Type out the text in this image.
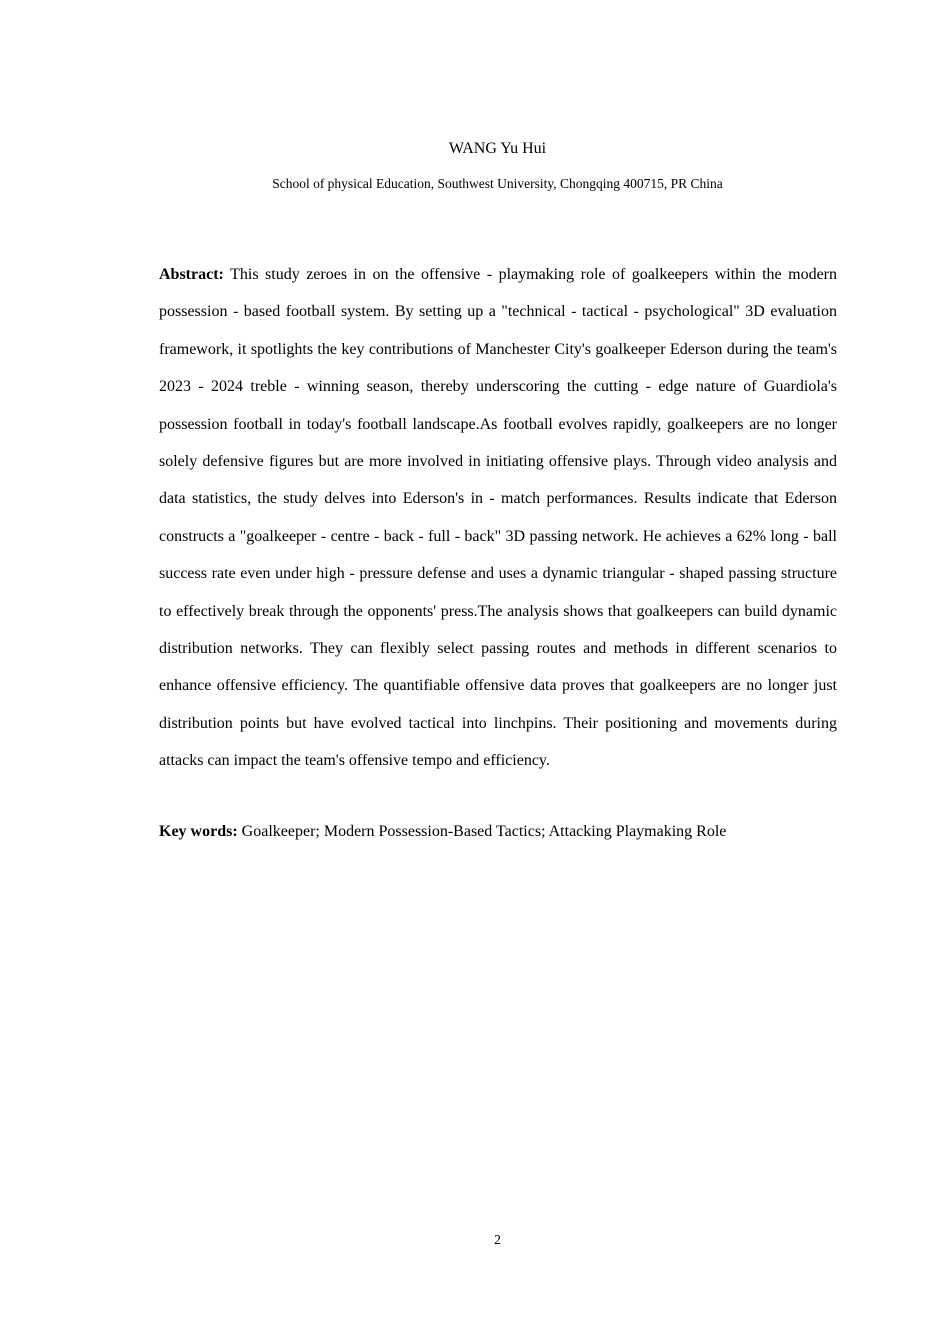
WANG Yu Hui
School of physical Education, Southwest University, Chongqing 400715, PR China

Abstract: This study zeroes in on the offensive - playmaking role of goalkeepers within the modern possession - based football system. By setting up a "technical - tactical - psychological" 3D evaluation framework, it spotlights the key contributions of Manchester City's goalkeeper Ederson during the team's 2023 - 2024 treble - winning season, thereby underscoring the cutting - edge nature of Guardiola's possession football in today's football landscape.As football evolves rapidly, goalkeepers are no longer solely defensive figures but are more involved in initiating offensive plays. Through video analysis and data statistics, the study delves into Ederson's in - match performances. Results indicate that Ederson constructs a "goalkeeper - centre - back - full - back" 3D passing network. He achieves a 62% long - ball success rate even under high - pressure defense and uses a dynamic triangular - shaped passing structure to effectively break through the opponents' press.The analysis shows that goalkeepers can build dynamic distribution networks. They can flexibly select passing routes and methods in different scenarios to enhance offensive efficiency. The quantifiable offensive data proves that goalkeepers are no longer just distribution points but have evolved tactical into linchpins. Their positioning and movements during attacks can impact the team's offensive tempo and efficiency.

Key words: Goalkeeper; Modern Possession-Based Tactics; Attacking Playmaking Role

2
